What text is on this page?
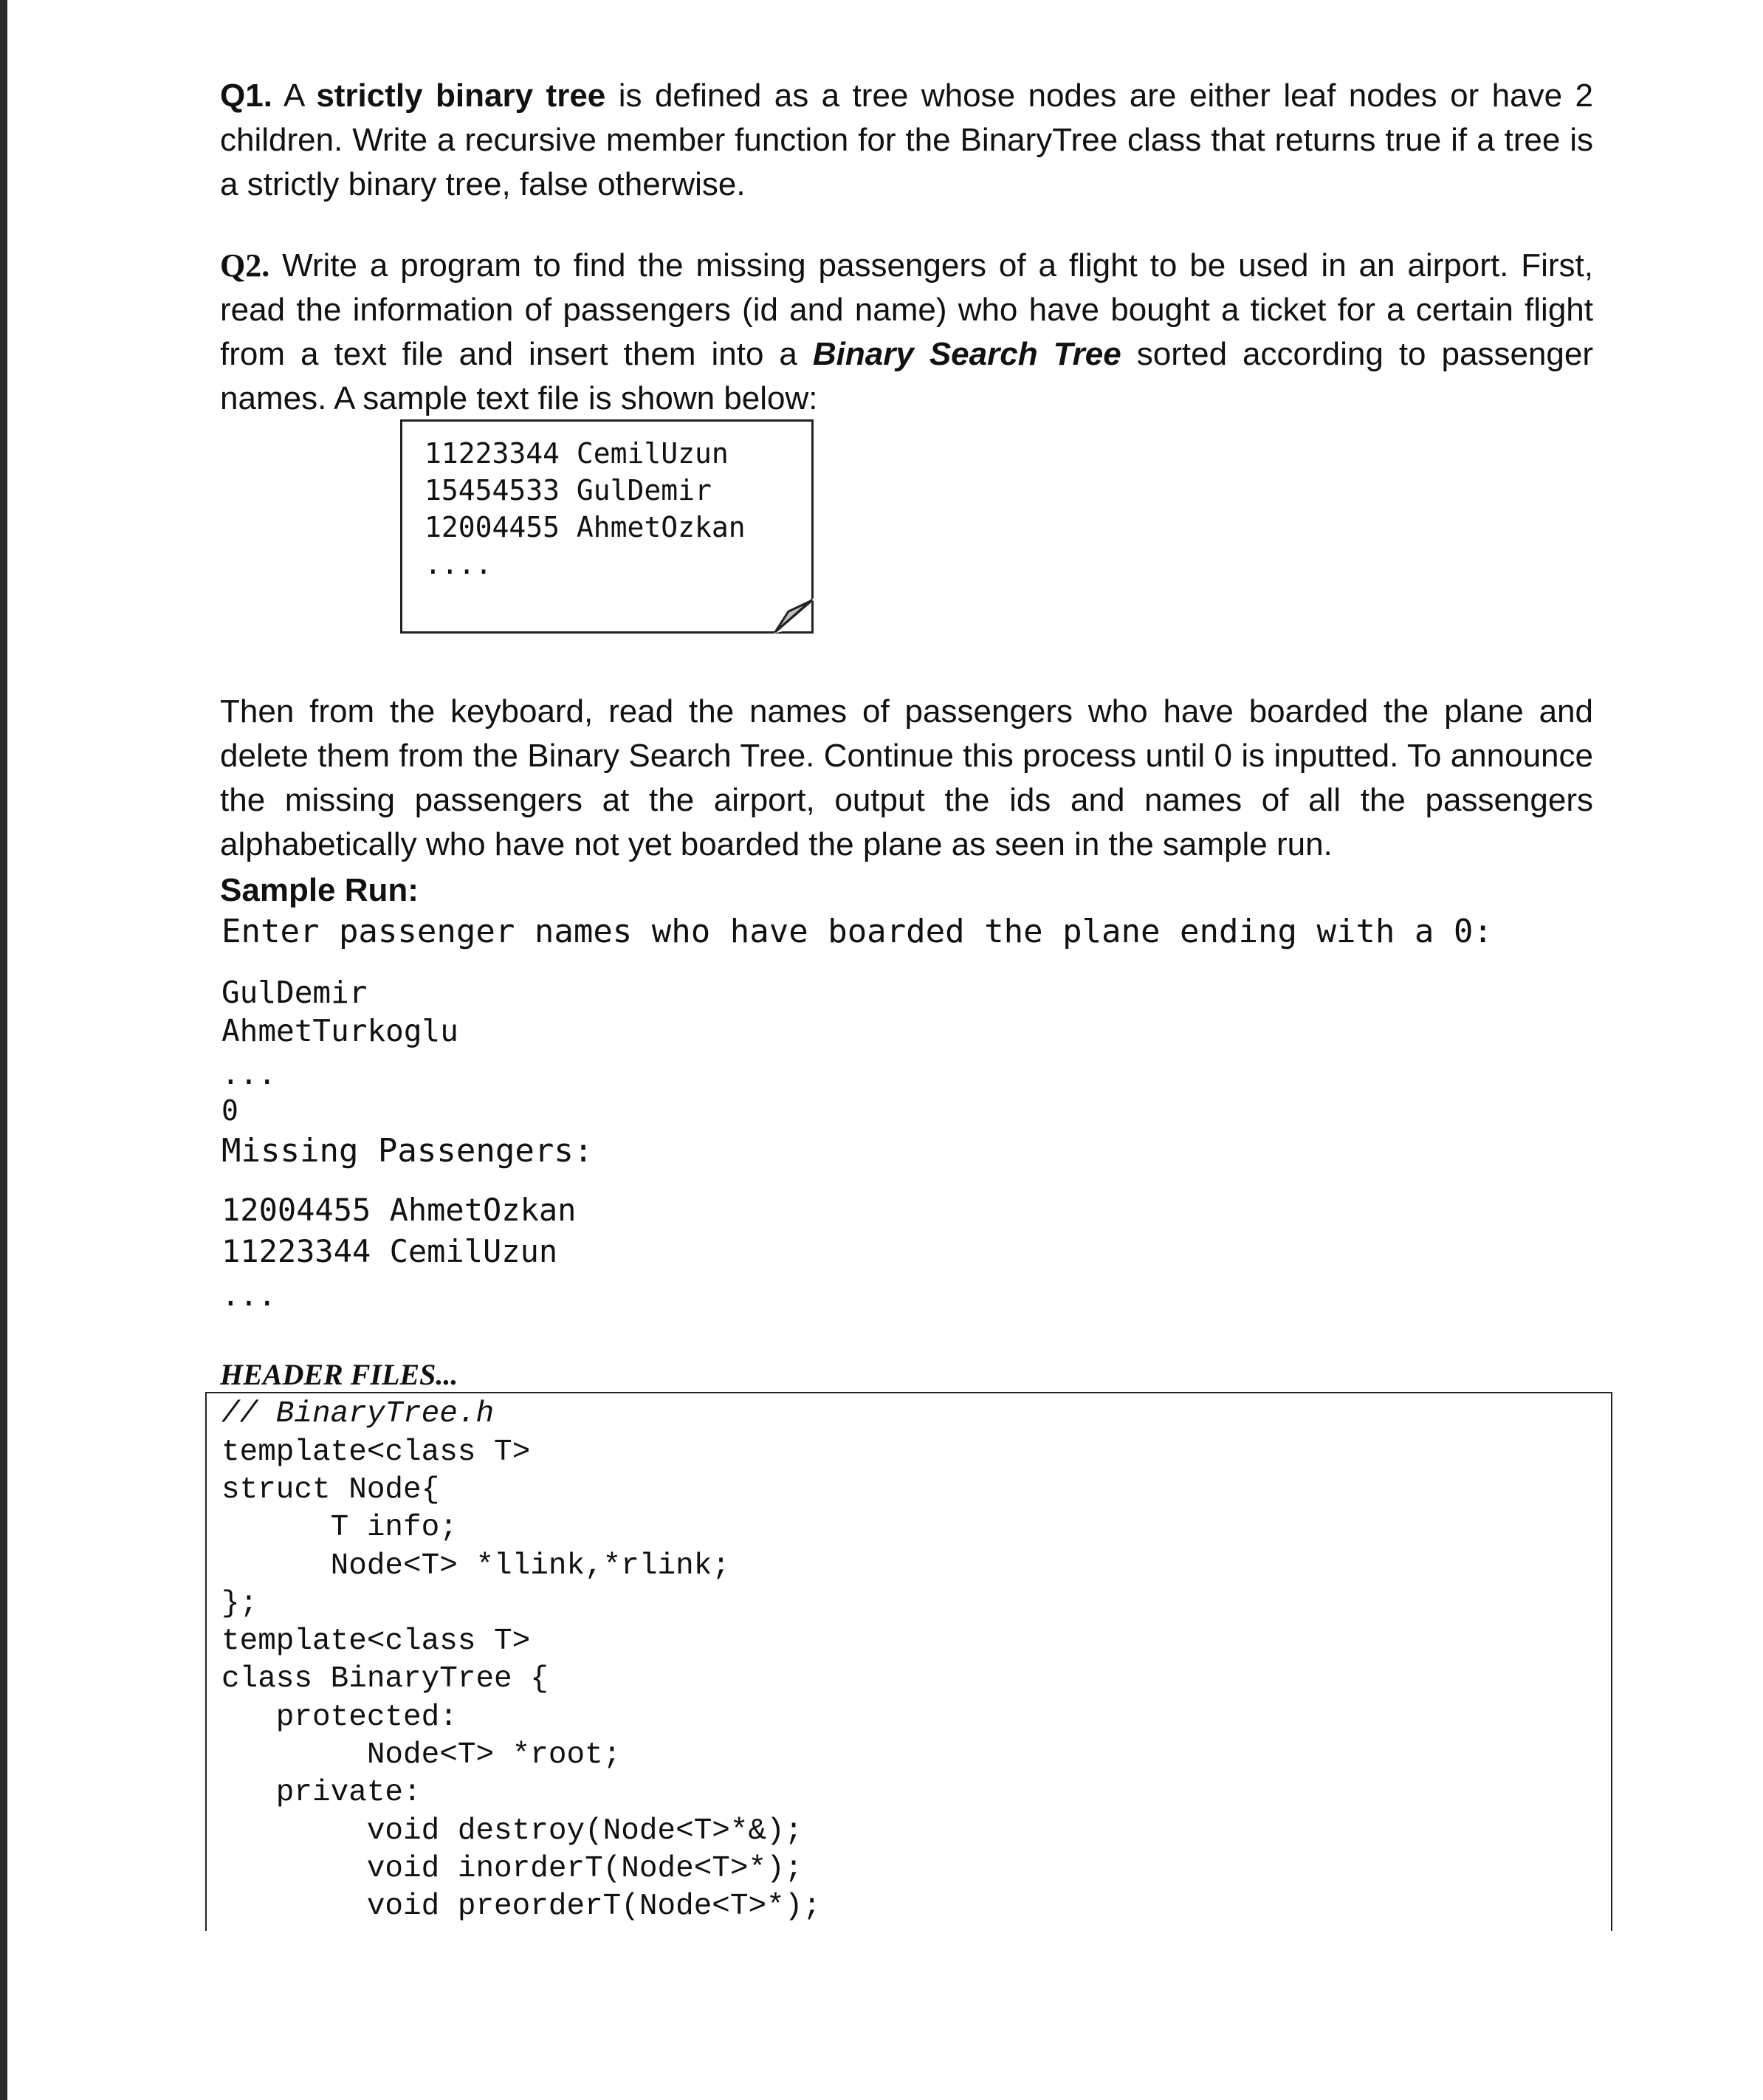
Q1. A strictly binary tree is defined as a tree whose nodes are either leaf nodes or have 2 children. Write a recursive member function for the BinaryTree class that returns true if a tree is a strictly binary tree, false otherwise.
Q2. Write a program to find the missing passengers of a flight to be used in an airport. First, read the information of passengers (id and name) who have bought a ticket for a certain flight from a text file and insert them into a Binary Search Tree sorted according to passenger names. A sample text file is shown below:
11223344 CemilUzun
15454533 GulDemir
12004455 AhmetOzkan
....
Then from the keyboard, read the names of passengers who have boarded the plane and delete them from the Binary Search Tree. Continue this process until 0 is inputted. To announce the missing passengers at the airport, output the ids and names of all the passengers alphabetically who have not yet boarded the plane as seen in the sample run.
Sample Run:
Enter passenger names who have boarded the plane ending with a 0:
GulDemir
AhmetTurkoglu
...
0
Missing Passengers:
12004455 AhmetOzkan
11223344 CemilUzun
...
HEADER FILES...
// BinaryTree.h
template<class T>
struct Node{
T info;
Node<T> *llink,*rlink;
};
template<class T>
class BinaryTree {
protected:
Node<T> *root;
private:
void destroy(Node<T>*&);
void inorderT(Node<T>*);
void preorderT(Node<T>*);
